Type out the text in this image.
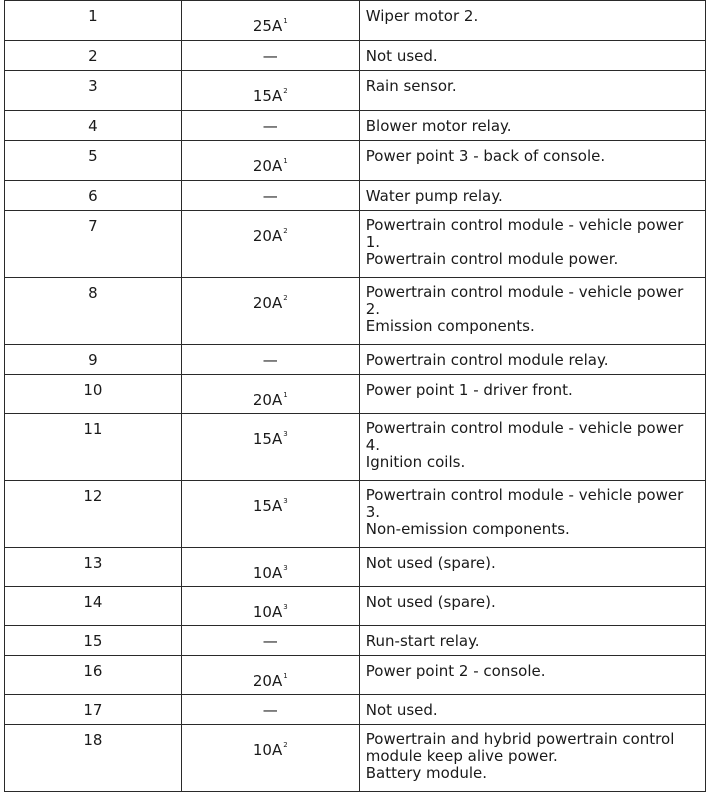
1	$25A^1$	Wiper motor 2.

2	—	Not used.

3	$15A^2$	Rain sensor.

4	—	Blower motor relay.

5	$20A^1$	Power point 3 - back of console.

6	—	Water pump relay.

7	$20A^2$	Powertrain control module - vehicle power
1.
Powertrain control module power.

8	$20A^2$	Powertrain control module - vehicle power
2.
Emission components.

9	—	Powertrain control module relay.

10	$20A^1$	Power point 1 - driver front.

11	$15A^3$	Powertrain control module - vehicle power
4.
Ignition coils.

12	$15A^3$	Powertrain control module - vehicle power
3.
Non-emission components.

13	$10A^3$	Not used (spare).

14	$10A^3$	Not used (spare).

15	—	Run-start relay.

16	$20A^1$	Power point 2 - console.

17	—	Not used.

18	$10A^2$	Powertrain and hybrid powertrain control
module keep alive power.
Battery module.
